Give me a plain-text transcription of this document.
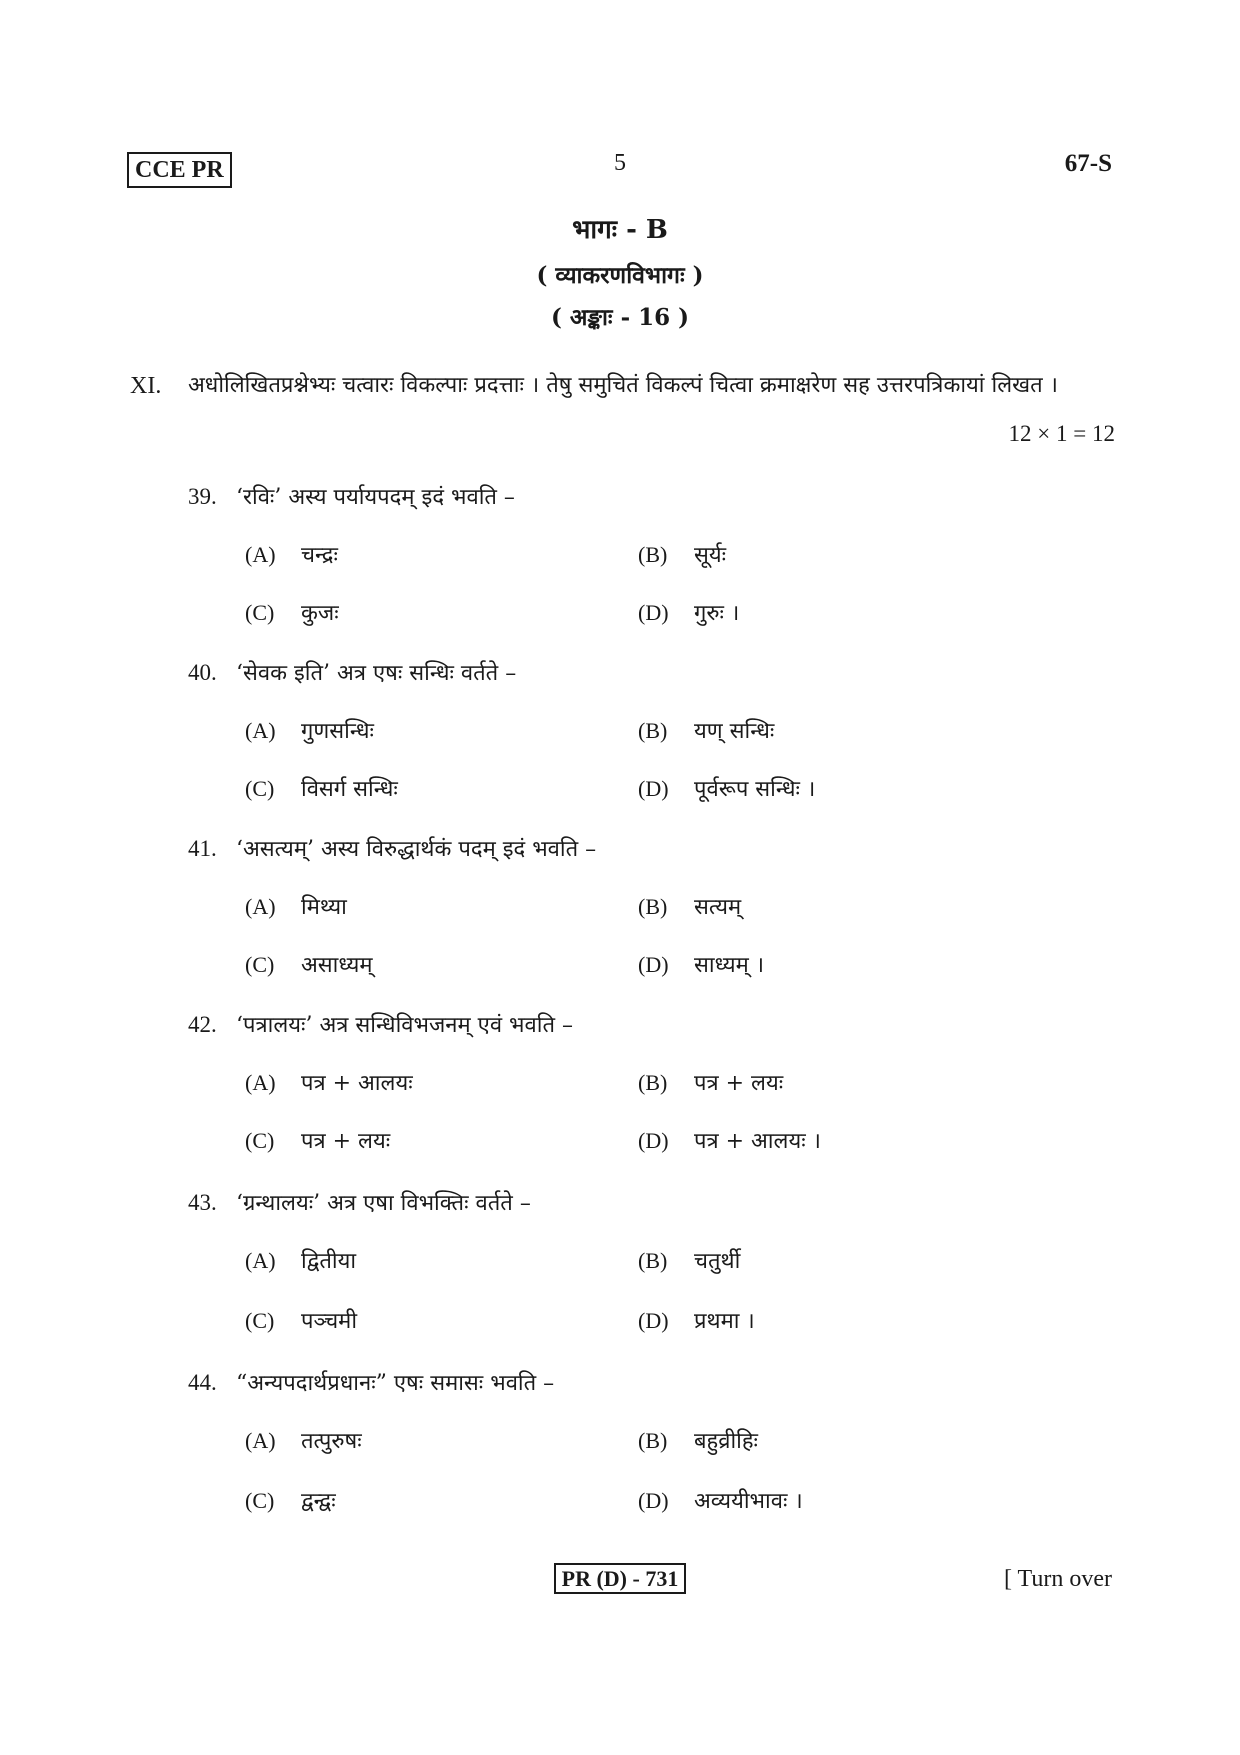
CCE PR	5	67-S
भागः - B
( व्याकरणविभागः )
( अङ्काः - 16 )
XI. अधोलिखितप्रश्नेभ्यः चत्वारः विकल्पाः प्रदत्ताः । तेषु समुचितं विकल्पं चित्वा क्रमाक्षरेण सह उत्तरपत्रिकायां लिखत ।
12 × 1 = 12
39. ‘रविः’ अस्य पर्यायपदम् इदं भवति –
(A) चन्द्रः	(B) सूर्यः
(C) कुजः	(D) गुरुः ।
40. ‘सेवक इति’ अत्र एषः सन्धिः वर्तते –
(A) गुणसन्धिः	(B) यण् सन्धिः
(C) विसर्ग सन्धिः	(D) पूर्वरूप सन्धिः ।
41. ‘असत्यम्’ अस्य विरुद्धार्थकं पदम् इदं भवति –
(A) मिथ्या	(B) सत्यम्
(C) असाध्यम्	(D) साध्यम् ।
42. ‘पत्रालयः’ अत्र सन्धिविभजनम् एवं भवति –
(A) पत्र + आलयः	(B) पत्र + लयः
(C) पत्र + लयः	(D) पत्र + आलयः ।
43. ‘ग्रन्थालयः’ अत्र एषा विभक्तिः वर्तते –
(A) द्वितीया	(B) चतुर्थी
(C) पञ्चमी	(D) प्रथमा ।
44. “अन्यपदार्थप्रधानः” एषः समासः भवति –
(A) तत्पुरुषः	(B) बहुव्रीहिः
(C) द्वन्द्वः	(D) अव्ययीभावः ।
PR (D) - 731	[ Turn over
